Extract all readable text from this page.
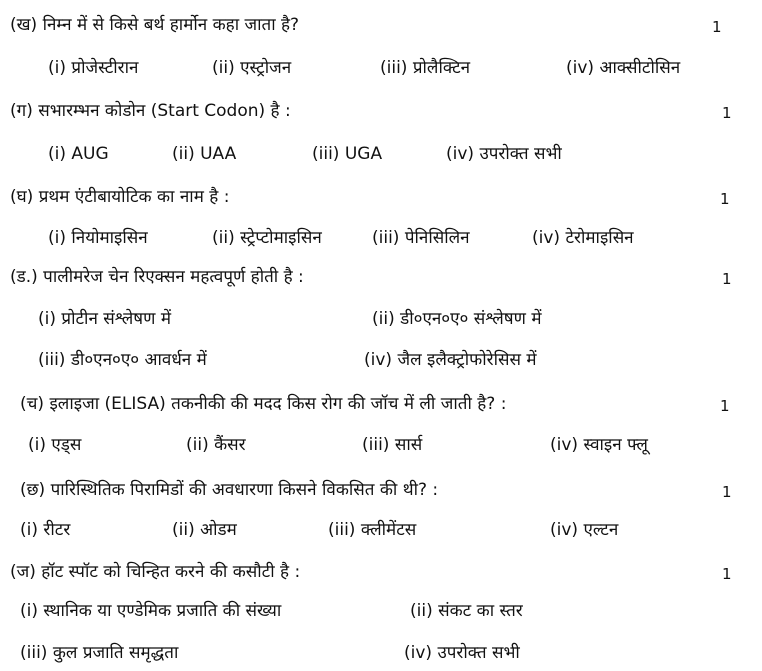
(ख) निम्न में से किसे बर्थ हार्मोन कहा जाता है?	1
(i) प्रोजेस्टीरान	(ii) एस्ट्रोजन	(iii) प्रोलैक्टिन	(iv) आक्सीटोसिन
(ग) सभारम्भन कोडोन (Start Codon) है :	1
(i) AUG	(ii) UAA	(iii) UGA	(iv) उपरोक्त सभी
(घ) प्रथम एंटीबायोटिक का नाम है :	1
(i) नियोमाइसिन	(ii) स्ट्रेप्टोमाइसिन	(iii) पेनिसिलिन	(iv) टेरोमाइसिन
(ड.) पालीमरेज चेन रिएक्सन महत्वपूर्ण होती है :	1
(i) प्रोटीन संश्लेषण में	(ii) डी०एन०ए० संश्लेषण में
(iii) डी०एन०ए० आवर्धन में	(iv) जैल इलैक्ट्रोफोरेसिस में
(च) इलाइजा (ELISA) तकनीकी की मदद किस रोग की जॉच में ली जाती है? :	1
(i) एड्स	(ii) कैंसर	(iii) सार्स	(iv) स्वाइन फ्लू
(छ) पारिस्थितिक पिरामिडों की अवधारणा किसने विकसित की थी? :	1
(i) रीटर	(ii) ओडम	(iii) क्लीमेंटस	(iv) एल्टन
(ज) हॉट स्पॉट को चिन्हित करने की कसौटी है :	1
(i) स्थानिक या एण्डेमिक प्रजाति की संख्या	(ii) संकट का स्तर
(iii) कुल प्रजाति समृद्धता	(iv) उपरोक्त सभी
